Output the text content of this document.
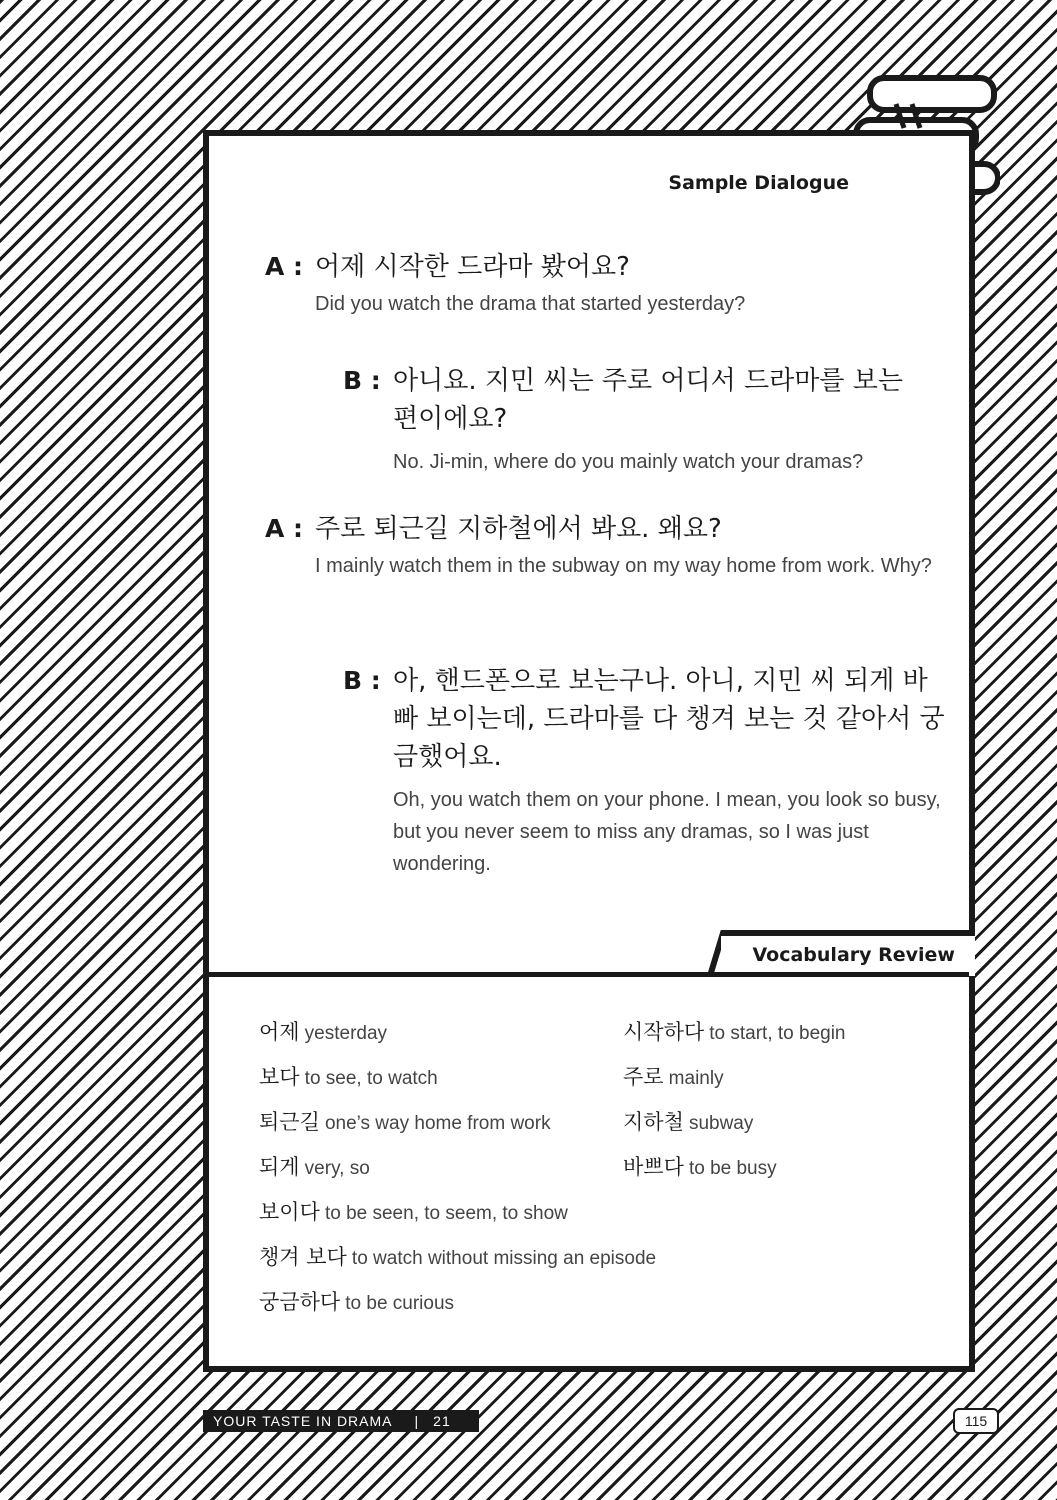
Sample Dialogue
A : 어제 시작한 드라마 봤어요?
Did you watch the drama that started yesterday?
B : 아니요. 지민 씨는 주로 어디서 드라마를 보는 편이에요?
No. Ji-min, where do you mainly watch your dramas?
A : 주로 퇴근길 지하철에서 봐요. 왜요?
I mainly watch them in the subway on my way home from work. Why?
B : 아, 핸드폰으로 보는구나. 아니, 지민 씨 되게 바빠 보이는데, 드라마를 다 챙겨 보는 것 같아서 궁금했어요.
Oh, you watch them on your phone. I mean, you look so busy, but you never seem to miss any dramas, so I was just wondering.
Vocabulary Review
어제 yesterday	시작하다 to start, to begin
보다 to see, to watch	주로 mainly
퇴근길 one’s way home from work	지하철 subway
되게 very, so	바쁘다 to be busy
보이다 to be seen, to seem, to show
챙겨 보다 to watch without missing an episode
궁금하다 to be curious
YOUR TASTE IN DRAMA | 21	115
